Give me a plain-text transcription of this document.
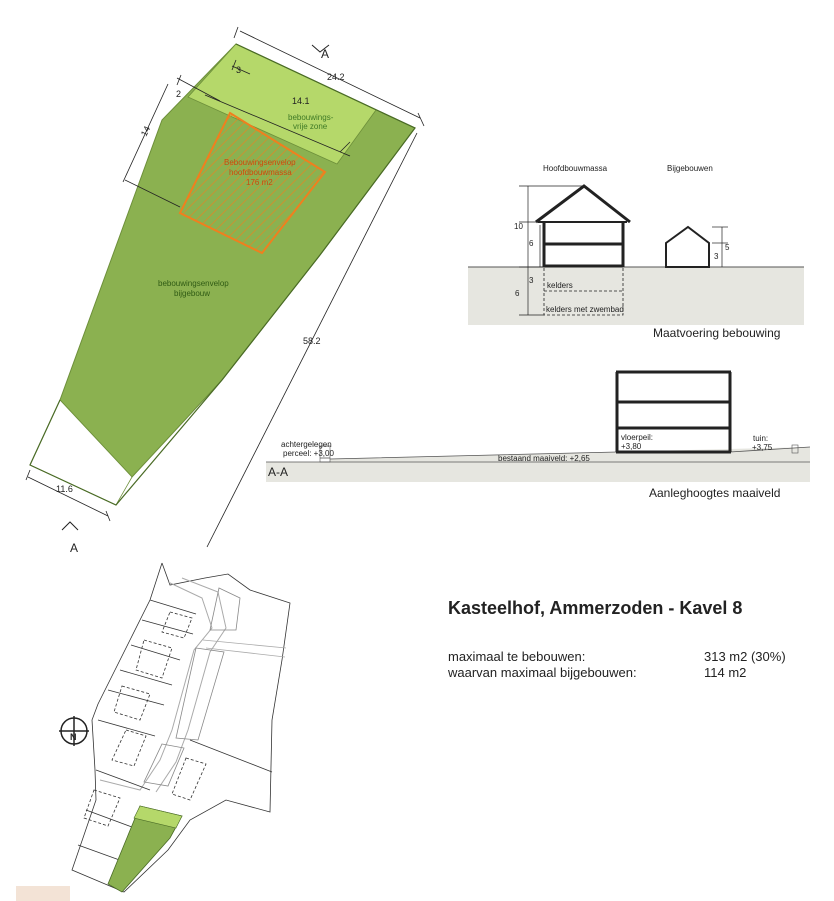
A
A
24.2
14.1
3
2
14
58.2
11.6
bebouwings-
vrije zone
Bebouwingsenvelop
hoofdbouwmassa
176 m2
bebouwingsenvelop
bijgebouw
Hoofdbouwmassa	Bijgebouwen
kelders
kelders met zwembad
10
6
3
6
5
3
Maatvoering bebouwing
A-A
achtergelegen
perceel: +3,00
bestaand maaiveld: +2,65
vloerpeil:
+3,80
tuin:
+3,75
Aanleghoogtes maaiveld
N
Kasteelhof, Ammerzoden - Kavel 8
maximaal te bebouwen:	313 m2 (30%)
waarvan maximaal bijgebouwen:	114 m2
